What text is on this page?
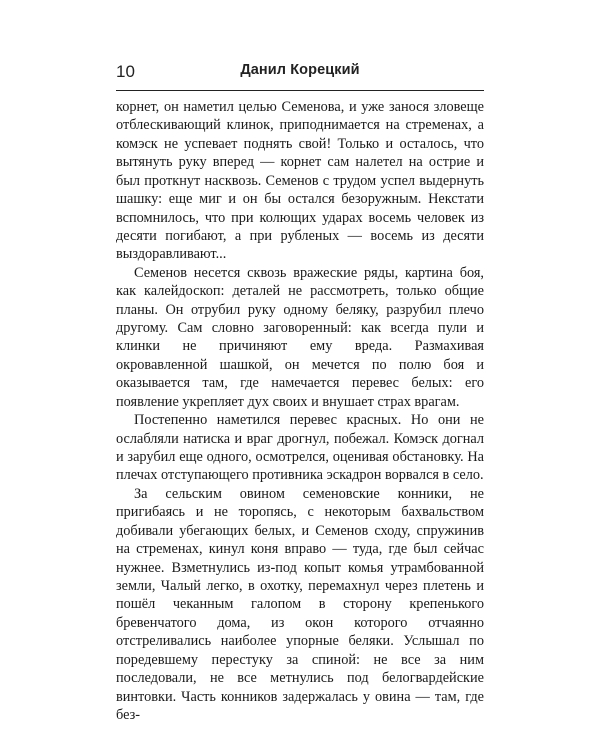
10	Данил Корецкий

корнет, он наметил целью Семенова, и уже занося зловеще отблескивающий клинок, приподнимается на стременах, а комэск не успевает поднять свой! Только и осталось, что вытянуть руку вперед — корнет сам налетел на острие и был проткнут насквозь. Семенов с трудом успел выдернуть шашку: еще миг и он бы остался безоружным. Некстати вспомнилось, что при колющих ударах восемь человек из десяти погибают, а при рубленых — восемь из десяти выздоравливают...

Семенов несется сквозь вражеские ряды, картина боя, как калейдоскоп: деталей не рассмотреть, только общие планы. Он отрубил руку одному беляку, разрубил плечо другому. Сам словно заговоренный: как всегда пули и клинки не причиняют ему вреда. Размахивая окровавленной шашкой, он мечется по полю боя и оказывается там, где намечается перевес белых: его появление укрепляет дух своих и внушает страх врагам.

Постепенно наметился перевес красных. Но они не ослабляли натиска и враг дрогнул, побежал. Комэск догнал и зарубил еще одного, осмотрелся, оценивая обстановку. На плечах отступающего противника эскадрон ворвался в село.

За сельским овином семеновские конники, не пригибаясь и не торопясь, с некоторым бахвальством добивали убегающих белых, и Семенов сходу, спружинив на стременах, кинул коня вправо — туда, где был сейчас нужнее. Взметнулись из-под копыт комья утрамбованной земли, Чалый легко, в охотку, перемахнул через плетень и пошёл чеканным галопом в сторону крепенького бревенчатого дома, из окон которого отчаянно отстреливались наиболее упорные беляки. Услышал по поредевшему перестуку за спиной: не все за ним последовали, не все метнулись под белогвардейские винтовки. Часть конников задержалась у овина — там, где без-
